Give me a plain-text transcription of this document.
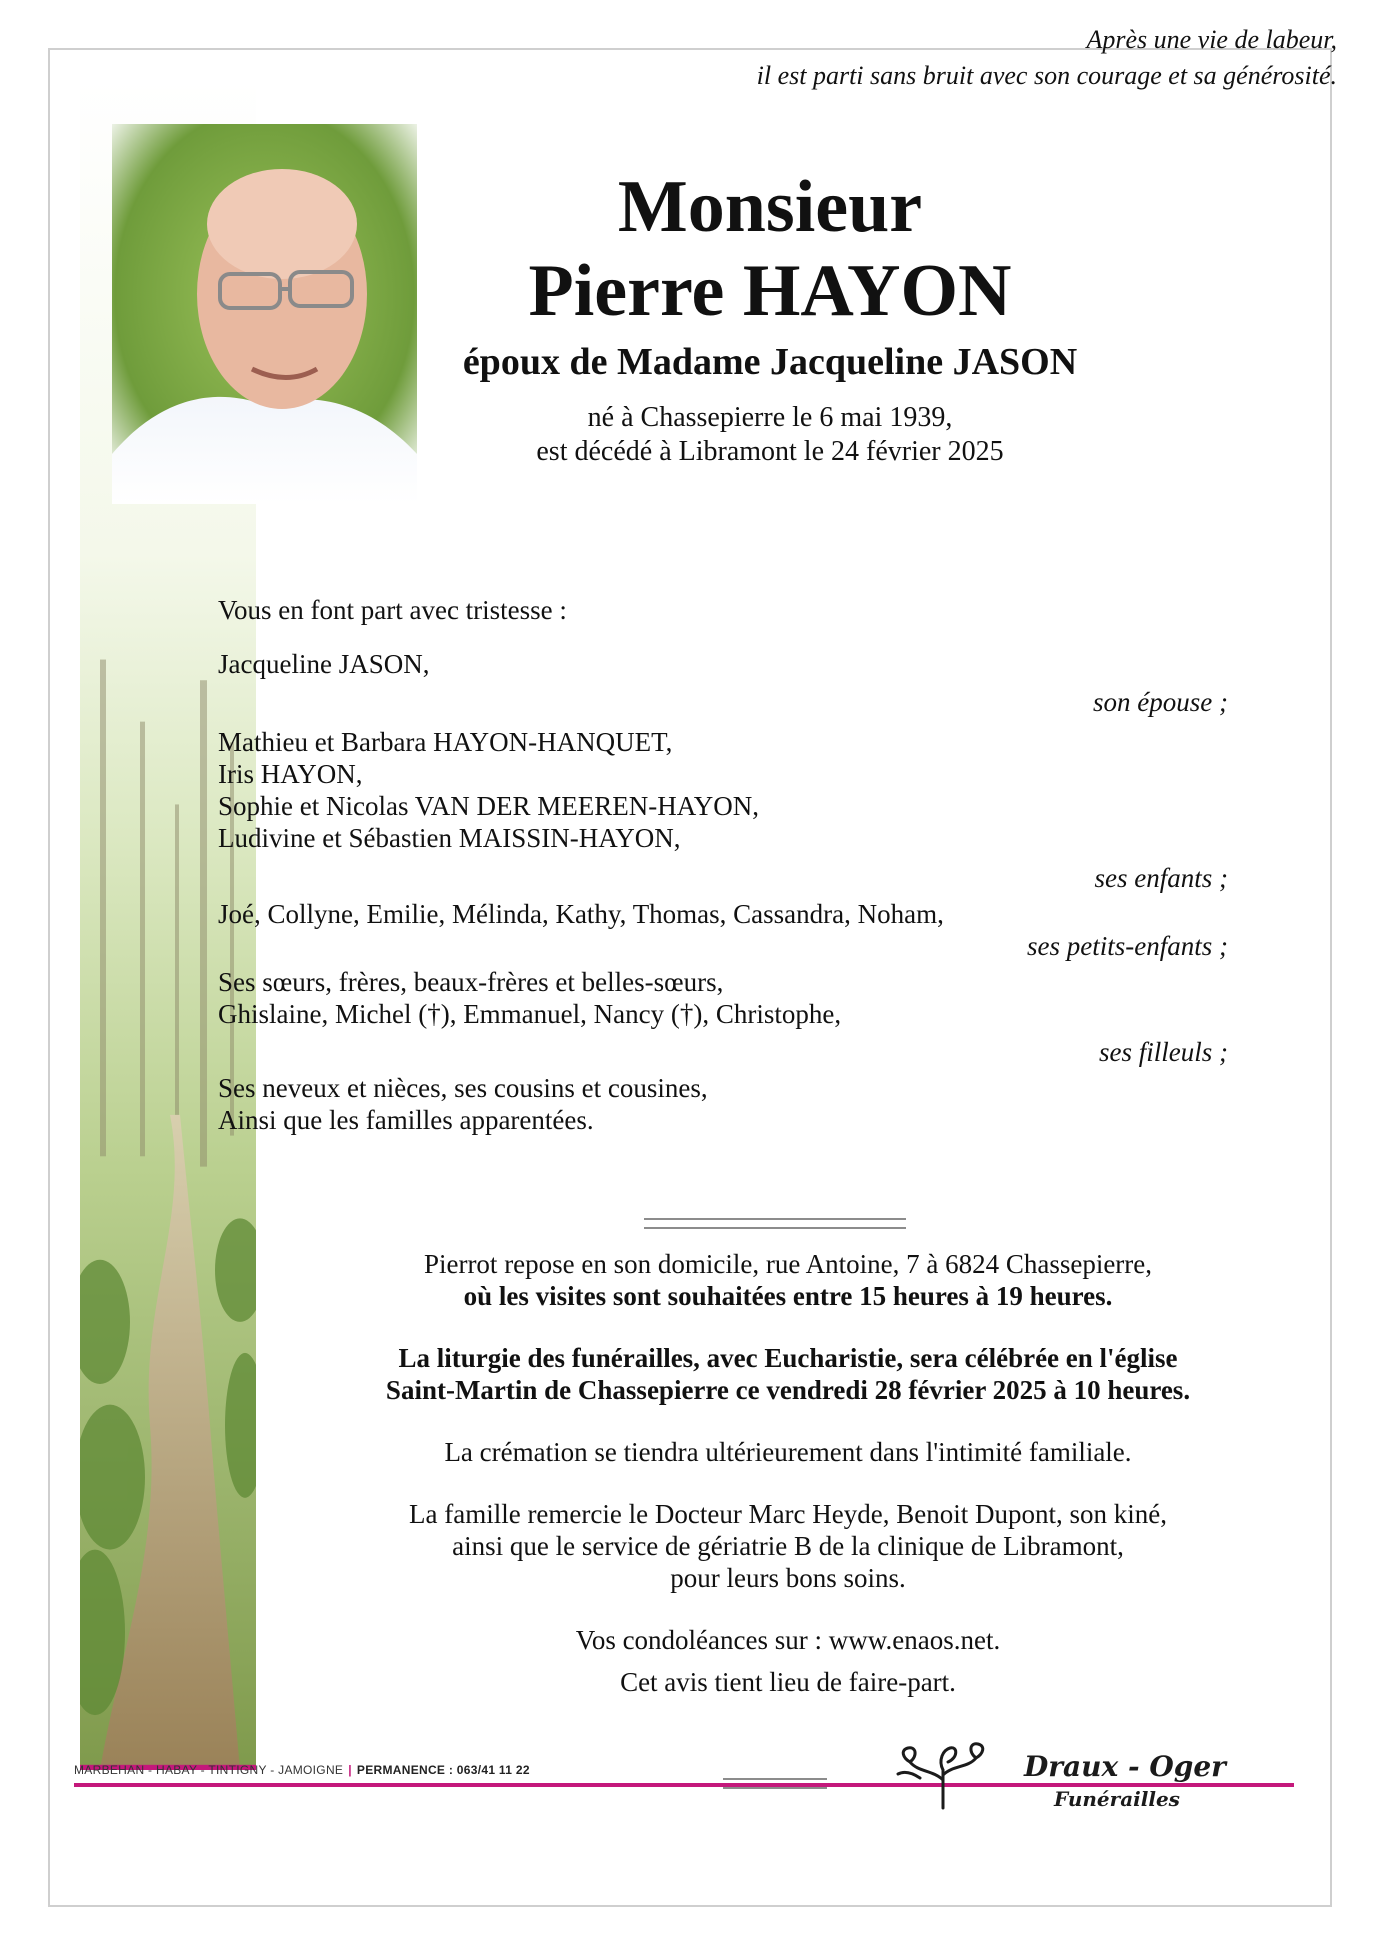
Après une vie de labeur,
il est parti sans bruit avec son courage et sa générosité.
Monsieur
Pierre HAYON
époux de Madame Jacqueline JASON
né à Chassepierre le 6 mai 1939,
est décédé à Libramont le 24 février 2025
Vous en font part avec tristesse :
Jacqueline JASON,
son épouse ;
Mathieu et Barbara HAYON-HANQUET,
Iris HAYON,
Sophie et Nicolas VAN DER MEEREN-HAYON,
Ludivine et Sébastien MAISSIN-HAYON,
ses enfants ;
Joé, Collyne, Emilie, Mélinda, Kathy, Thomas, Cassandra, Noham,
ses petits-enfants ;
Ses sœurs, frères, beaux-frères et belles-sœurs,
Ghislaine, Michel (†), Emmanuel, Nancy (†), Christophe,
ses filleuls ;
Ses neveux et nièces, ses cousins et cousines,
Ainsi que les familles apparentées.

Pierrot repose en son domicile, rue Antoine, 7 à 6824 Chassepierre,

où les visites sont souhaitées entre 15 heures à 19 heures.

La liturgie des funérailles, avec Eucharistie, sera célébrée en l'église

Saint-Martin de Chassepierre ce vendredi 28 février 2025 à 10 heures.

La crémation se tiendra ultérieurement dans l'intimité familiale.

La famille remercie le Docteur Marc Heyde, Benoit Dupont, son kiné,

ainsi que le service de gériatrie B de la clinique de Libramont,

pour leurs bons soins.

Vos condoléances sur : www.enaos.net.

Cet avis tient lieu de faire-part.

MARBEHAN - HABAY - TINTIGNY - JAMOIGNE | PERMANENCE : 063/41 11 22	Draux - Oger
Funérailles
